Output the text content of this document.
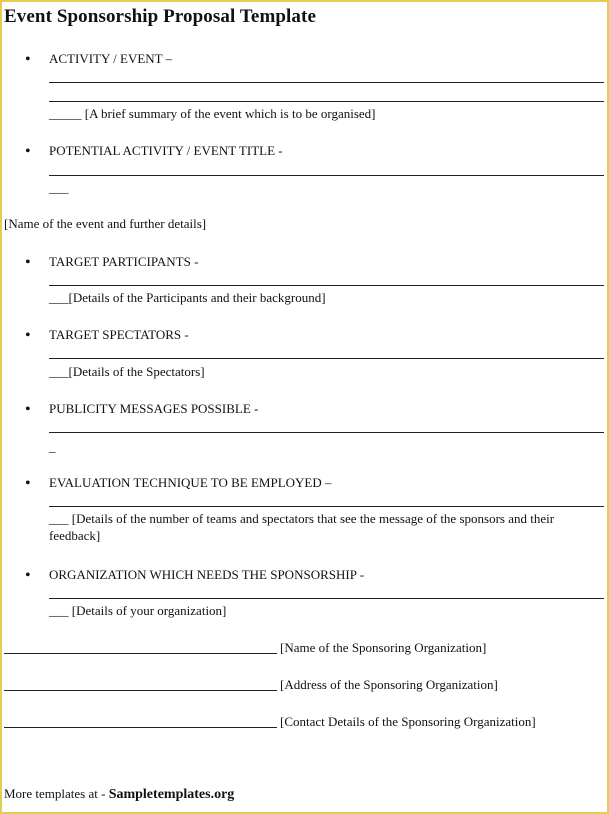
Event Sponsorship Proposal Template
•	ACTIVITY / EVENT –
_____ [A brief summary of the event which is to be organised]
•	POTENTIAL ACTIVITY / EVENT TITLE -
___
[Name of the event and further details]
•	TARGET PARTICIPANTS -
___[Details of the Participants and their background]
•	TARGET SPECTATORS -
___[Details of the Spectators]
•	PUBLICITY MESSAGES POSSIBLE -
_
•	EVALUATION TECHNIQUE TO BE EMPLOYED –
___ [Details of the number of teams and spectators that see the message of the sponsors and their feedback]
•	ORGANIZATION WHICH NEEDS THE SPONSORSHIP -
___ [Details of your organization]
[Name of the Sponsoring Organization]
[Address of the Sponsoring Organization]
[Contact Details of the Sponsoring Organization]
More templates at - Sampletemplates.org
